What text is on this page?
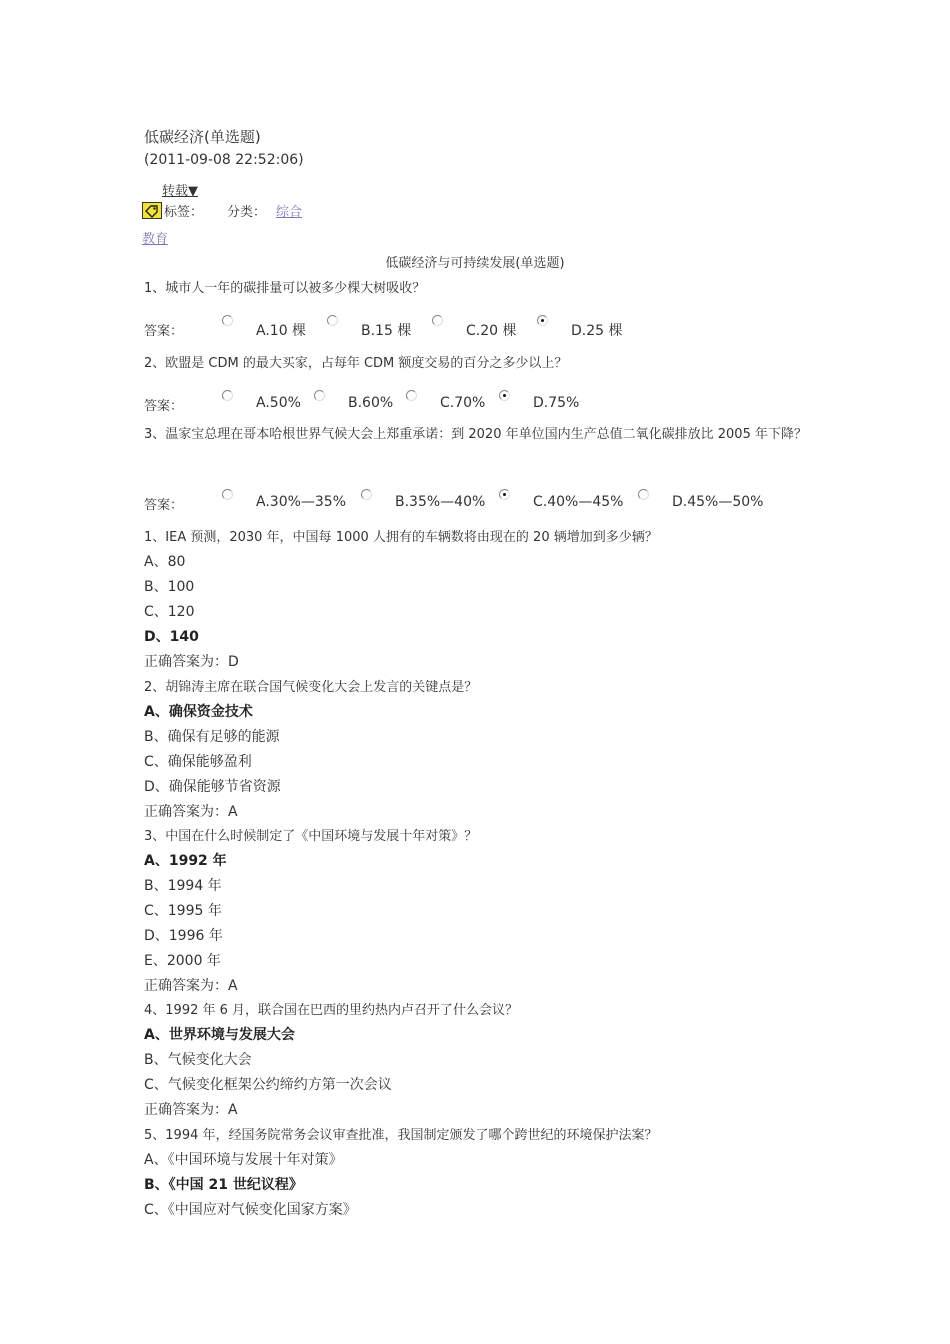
低碳经济(单选题)
(2011-09-08 22:52:06)
转载▼
标签： 分类： 综合
教育
低碳经济与可持续发展(单选题)
1、城市人一年的碳排量可以被多少棵大树吸收？
答案：	A.10 棵	B.15 棵	C.20 棵	D.25 棵
2、欧盟是 CDM 的最大买家，占每年 CDM 额度交易的百分之多少以上？
答案：	A.50%	B.60%	C.70%	D.75%
3、温家宝总理在哥本哈根世界气候大会上郑重承诺：到 2020 年单位国内生产总值二氧化碳排放比 2005 年下降？
答案：	A.30%—35%	B.35%—40%	C.40%—45%	D.45%—50%
1、IEA 预测，2030 年，中国每 1000 人拥有的车辆数将由现在的 20 辆增加到多少辆？
A、80
B、100
C、120
D、140
正确答案为：D
2、胡锦涛主席在联合国气候变化大会上发言的关键点是？
A、确保资金技术
B、确保有足够的能源
C、确保能够盈利
D、确保能够节省资源
正确答案为：A
3、中国在什么时候制定了《中国环境与发展十年对策》？
A、1992 年
B、1994 年
C、1995 年
D、1996 年
E、2000 年
正确答案为：A
4、1992 年 6 月，联合国在巴西的里约热内卢召开了什么会议？
A、世界环境与发展大会
B、气候变化大会
C、气候变化框架公约缔约方第一次会议
正确答案为：A
5、1994 年，经国务院常务会议审查批准，我国制定颁发了哪个跨世纪的环境保护法案？
A、《中国环境与发展十年对策》
B、《中国 21 世纪议程》
C、《中国应对气候变化国家方案》
